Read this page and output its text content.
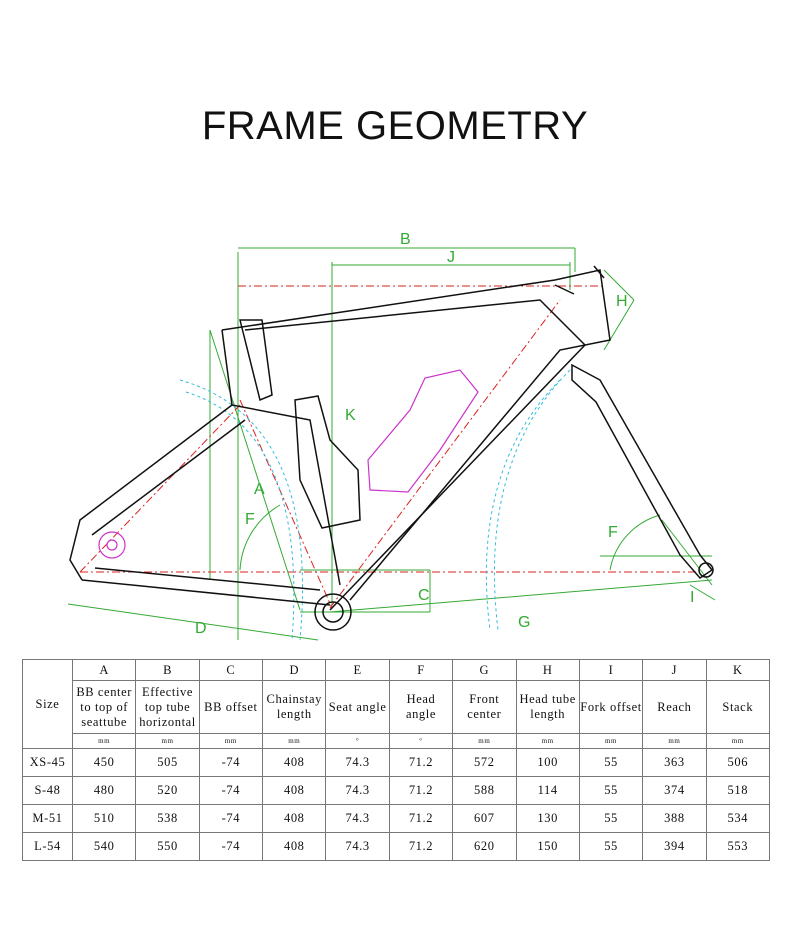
FRAME GEOMETRY
B
J
H
K
A
F
F
C
D	G
I
Size	A	B	C	D	E	F	G	H	I	J	K
	BB center to top of seattube	Effective top tube horizontal	BB offset	Chainstay length	Seat angle	Head angle	Front center	Head tube length	Fork offset	Reach	Stack
	mm	mm	mm	mm	°	°	mm	mm	mm	mm	mm
XS-45	450	505	-74	408	74.3	71.2	572	100	55	363	506
S-48	480	520	-74	408	74.3	71.2	588	114	55	374	518
M-51	510	538	-74	408	74.3	71.2	607	130	55	388	534
L-54	540	550	-74	408	74.3	71.2	620	150	55	394	553
